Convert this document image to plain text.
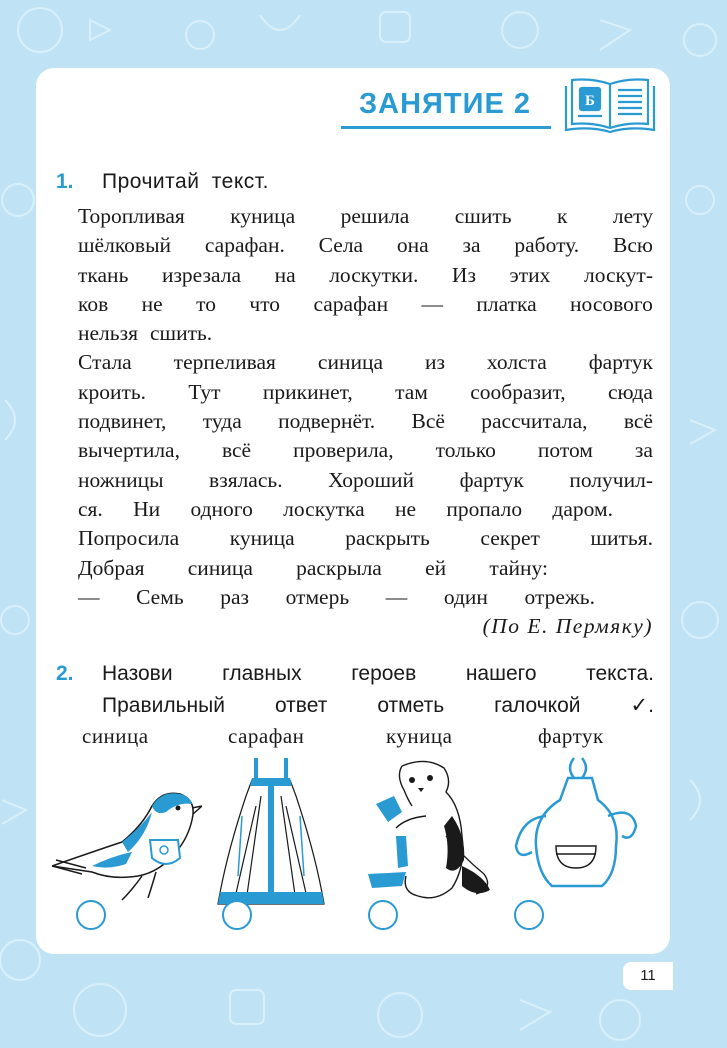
ЗАНЯТИЕ 2	Б
1. Прочитай текст.
Торопливая куница решила сшить к лету
шёлковый сарафан. Села она за работу. Всю
ткань изрезала на лоскутки. Из этих лоскут-
ков не то что сарафан — платка носового
нельзя сшить.
Стала терпеливая синица из холста фартук
кроить. Тут прикинет, там сообразит, сюда
подвинет, туда подвернёт. Всё рассчитала, всё
вычертила, всё проверила, только потом за
ножницы взялась. Хороший фартук получил-
ся. Ни одного лоскутка не пропало даром.
Попросила куница раскрыть секрет шитья.
Добрая синица раскрыла ей тайну:
— Семь раз отмерь — один отрежь.
(По Е. Пермяку)
2. Назови главных героев нашего текста.
Правильный ответ отметь галочкой ✓.
синица	сарафан	куница	фартук
11
